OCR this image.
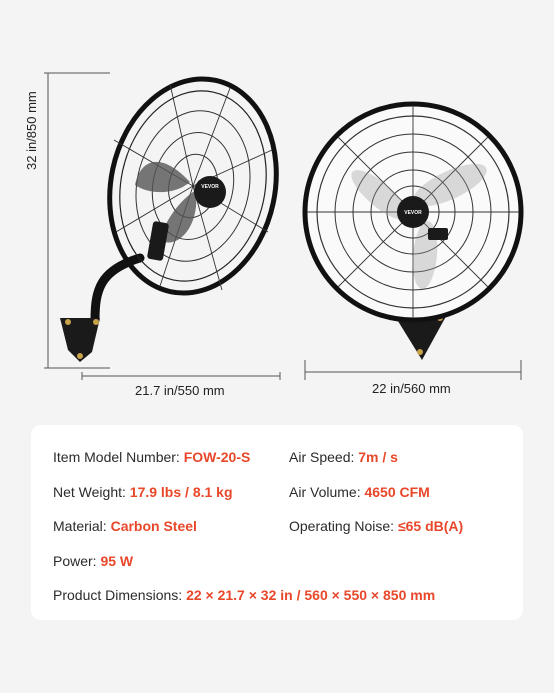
VEVOR
VEVOR
32 in/850 mm
21.7 in/550 mm	22 in/560 mm
Item Model Number: FOW-20-S	Air Speed: 7m / s
Net Weight: 17.9 lbs / 8.1 kg	Air Volume: 4650 CFM
Material: Carbon Steel	Operating Noise: ≤65 dB(A)
Power: 95 W
Product Dimensions: 22 × 21.7 × 32 in / 560 × 550 × 850 mm
